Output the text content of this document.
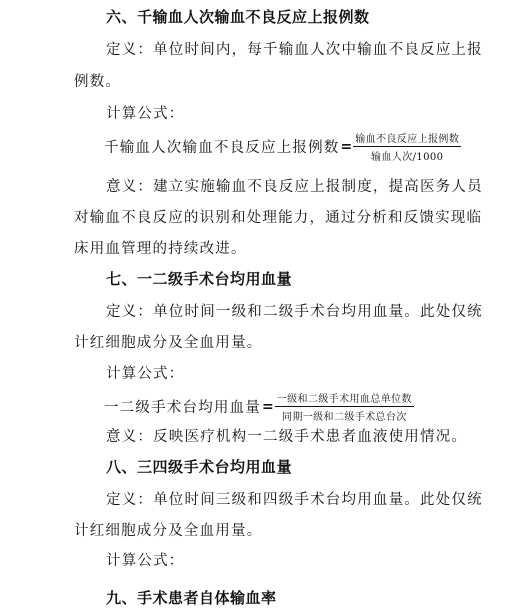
六、千输血人次输血不良反应上报例数
定义：单位时间内，每千输血人次中输血不良反应上报
例数。
计算公式：
千输血人次输血不良反应上报例数 = $\frac{\text{输血不良反应上报例数}}{\text{输血人次/1000}}$
意义：建立实施输血不良反应上报制度，提高医务人员
对输血不良反应的识别和处理能力，通过分析和反馈实现临
床用血管理的持续改进。
七、一二级手术台均用血量
定义：单位时间一级和二级手术台均用血量。此处仅统
计红细胞成分及全血用量。
计算公式：
一二级手术台均用血量 = $\frac{\text{一级和二级手术用血总单位数}}{\text{同期一级和二级手术总台次}}$
意义：反映医疗机构一二级手术患者血液使用情况。
八、三四级手术台均用血量
定义：单位时间三级和四级手术台均用血量。此处仅统
计红细胞成分及全血用量。
计算公式：
九、手术患者自体输血率
